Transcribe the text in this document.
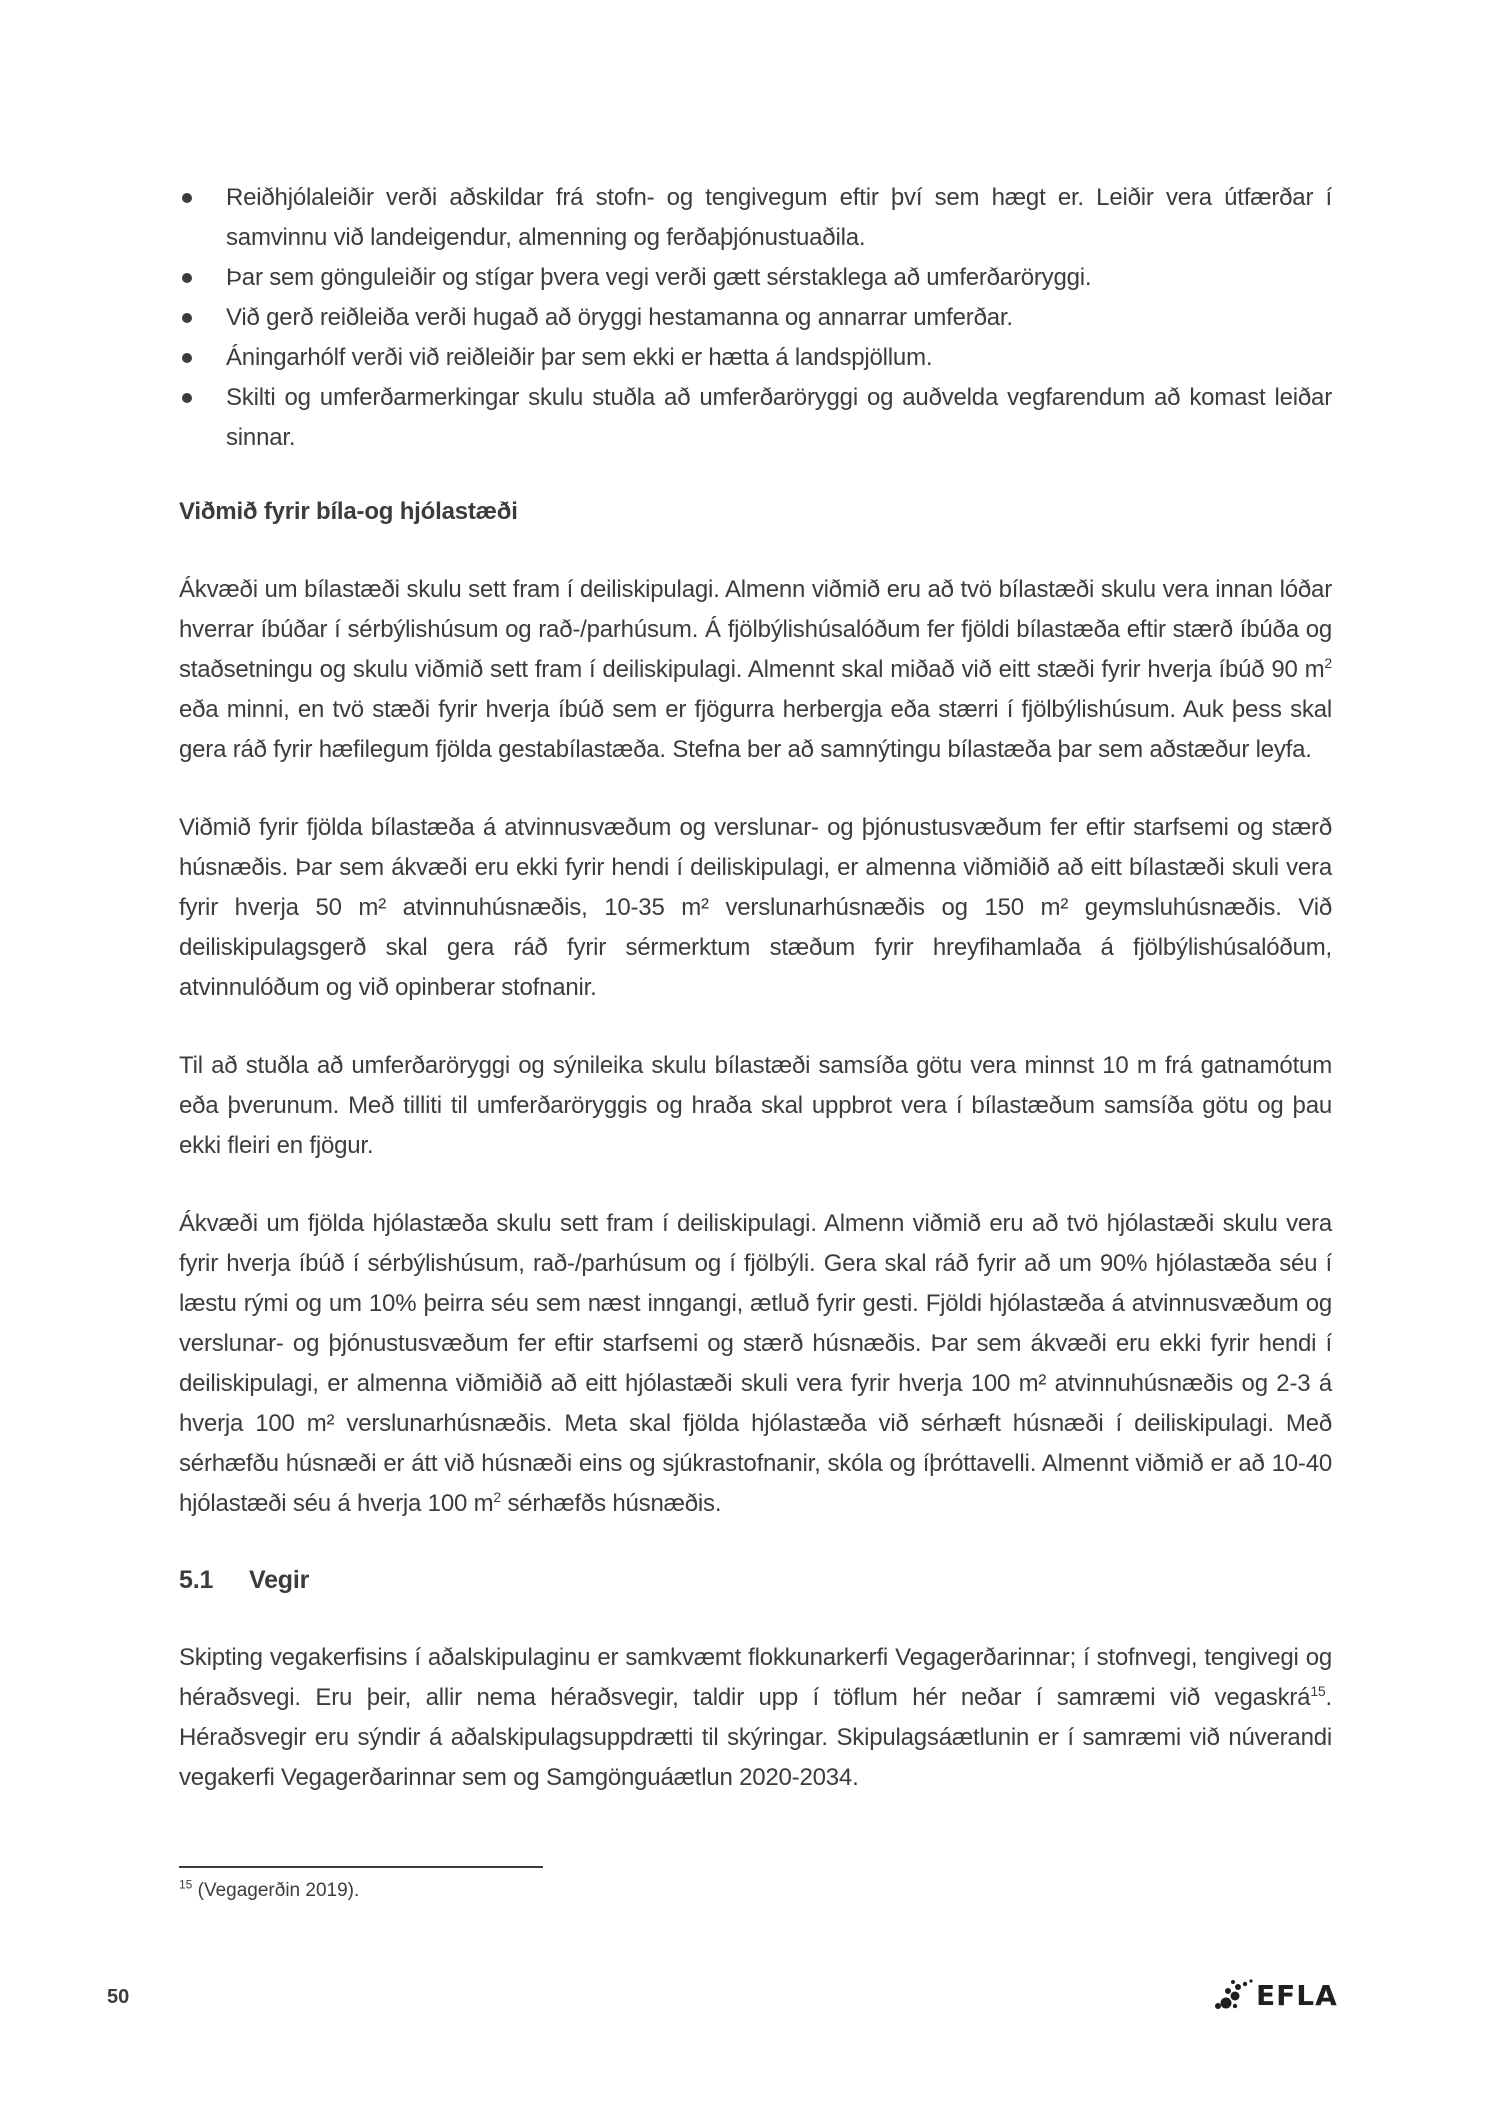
Reiðhjólaleiðir verði aðskildar frá stofn- og tengivegum eftir því sem hægt er. Leiðir vera útfærðar í samvinnu við landeigendur, almenning og ferðaþjónustuaðila.
Þar sem gönguleiðir og stígar þvera vegi verði gætt sérstaklega að umferðaröryggi.
Við gerð reiðleiða verði hugað að öryggi hestamanna og annarrar umferðar.
Áningarhólf verði við reiðleiðir þar sem ekki er hætta á landspjöllum.
Skilti og umferðarmerkingar skulu stuðla að umferðaröryggi og auðvelda vegfarendum að komast leiðar sinnar.
Viðmið fyrir bíla-og hjólastæði

Ákvæði um bílastæði skulu sett fram í deiliskipulagi. Almenn viðmið eru að tvö bílastæði skulu vera innan lóðar hverrar íbúðar í sérbýlishúsum og rað-/parhúsum. Á fjölbýlishúsalóðum fer fjöldi bílastæða eftir stærð íbúða og staðsetningu og skulu viðmið sett fram í deiliskipulagi. Almennt skal miðað við eitt stæði fyrir hverja íbúð 90 $m^2$ eða minni, en tvö stæði fyrir hverja íbúð sem er fjögurra herbergja eða stærri í fjölbýlishúsum. Auk þess skal gera ráð fyrir hæfilegum fjölda gestabílastæða. Stefna ber að samnýtingu bílastæða þar sem aðstæður leyfa.

Viðmið fyrir fjölda bílastæða á atvinnusvæðum og verslunar- og þjónustusvæðum fer eftir starfsemi og stærð húsnæðis. Þar sem ákvæði eru ekki fyrir hendi í deiliskipulagi, er almenna viðmiðið að eitt bílastæði skuli vera fyrir hverja 50 m² atvinnuhúsnæðis, 10-35 m² verslunarhúsnæðis og 150 m² geymsluhúsnæðis. Við deiliskipulagsgerð skal gera ráð fyrir sérmerktum stæðum fyrir hreyfihamlaða á fjölbýlishúsalóðum, atvinnulóðum og við opinberar stofnanir.

Til að stuðla að umferðaröryggi og sýnileika skulu bílastæði samsíða götu vera minnst 10 m frá gatnamótum eða þverunum. Með tilliti til umferðaröryggis og hraða skal uppbrot vera í bílastæðum samsíða götu og þau ekki fleiri en fjögur.

Ákvæði um fjölda hjólastæða skulu sett fram í deiliskipulagi. Almenn viðmið eru að tvö hjólastæði skulu vera fyrir hverja íbúð í sérbýlishúsum, rað-/parhúsum og í fjölbýli. Gera skal ráð fyrir að um 90% hjólastæða séu í læstu rými og um 10% þeirra séu sem næst inngangi, ætluð fyrir gesti. Fjöldi hjólastæða á atvinnusvæðum og verslunar- og þjónustusvæðum fer eftir starfsemi og stærð húsnæðis. Þar sem ákvæði eru ekki fyrir hendi í deiliskipulagi, er almenna viðmiðið að eitt hjólastæði skuli vera fyrir hverja 100 m² atvinnuhúsnæðis og 2-3 á hverja 100 m² verslunarhúsnæðis. Meta skal fjölda hjólastæða við sérhæft húsnæði í deiliskipulagi. Með sérhæfðu húsnæði er átt við húsnæði eins og sjúkrastofnanir, skóla og íþróttavelli. Almennt viðmið er að 10-40 hjólastæði séu á hverja 100 $m^2$ sérhæfðs húsnæðis.

5.1	Vegir

Skipting vegakerfisins í aðalskipulaginu er samkvæmt flokkunarkerfi Vegagerðarinnar; í stofnvegi, tengivegi og héraðsvegi. Eru þeir, allir nema héraðsvegir, taldir upp í töflum hér neðar í samræmi við vegaskrá$^{15}$. Héraðsvegir eru sýndir á aðalskipulagsuppdrætti til skýringar. Skipulagsáætlunin er í samræmi við núverandi vegakerfi Vegagerðarinnar sem og Samgönguáætlun 2020-2034.

$^{15}$ (Vegagerðin 2019).
50	EFLA
